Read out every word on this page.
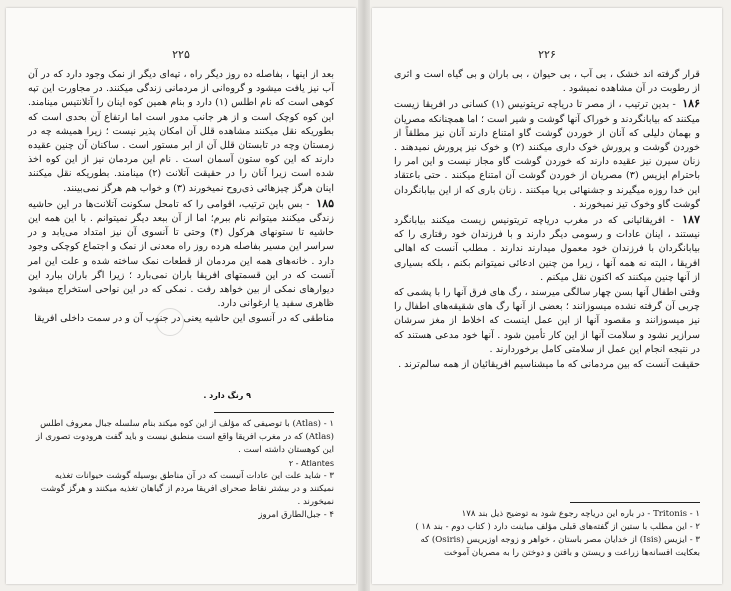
۲۲۵

بعد از اینها ، بفاصله ده روز دیگر راه ، تپه‌ای دیگر از نمک وجود دارد که در آن آب نیز یافت میشود و گروه‌انی از مردمانی زندگی میکنند. در مجاورت این تپه کوهی است که نام اطلس (۱) دارد و بنام همین کوه اینان را آتلانتیس مینامند. این کوه کوچک است و از هر جانب مدور است اما ارتفاع آن بحدی است که بطوریکه نقل میکنند مشاهده قلل آن امکان پذیر نیست ؛ زیرا همیشه چه در زمستان وچه در تابستان قلل آن از ابر مستور است . ساکنان آن چنین عقیده دارند که این کوه ستون آسمان است . نام این مردمان نیز از این کوه اخذ شده است زیرا آنان را در حقیقت آتلانت (۲) مینامند. بطوریکه نقل میکنند اینان هرگز چیزهائی ذی‌روح نمیخورند (۳) و خواب هم هرگز نمی‌بینند.

۱۸۵ - بس باین ترتیب، اقوامی را که تامحل سکونت آتلانت‌ها در این حاشیه زندگی میکنند میتوانم نام ببرم؛ اما از آن ببعد دیگر نمیتوانم . با این همه این حاشیه تا ستونهای هرکول (۴) وحتی تا آنسوی آن نیز امتداد می‌یابد و در سراسر این مسیر بفاصله هرده روز راه معدنی از نمک و اجتماع کوچکی وجود دارد . خانه‌های همه این مردمان از قطعات نمک ساخته شده و علت این امر آنست که در این قسمتهای افریقا باران نمی‌بارد ؛ زیرا اگر باران ببارد این دیوارهای نمکی از بین خواهد رفت . نمکی که در این نواحی استخراج میشود ظاهری سفید یا ارغوانی دارد.

مناطقی که در آنسوی این حاشیه یعنی در جنوب آن و در سمت داخلی افریقا

۹ رنگ دارد .

۱ - (Atlas) با توصیفی که مؤلف از این کوه میکند بنام سلسله جبال معروف اطلس (Atlas) که در مغرب افریقا واقع است منطبق نیست و باید گفت هرودوت تصوری از این کوهستان داشته است .

۲ - Atlantes

۳ - شاید علت این عادات آنیست که در آن مناطق بوسیله گوشت حیوانات تغذیه نمیکنند و در بیشتر نقاط صحرای افریقا مردم از گیاهان تغذیه میکنند و هرگز گوشت نمیخورند .

۴ - جبل‌الطارق امروز

۲۲۶

قرار گرفته اند خشک ، بی آب ، بی حیوان ، بی باران و بی گیاه است و اثری از رطوبت در آن مشاهده نمیشود .

۱۸۶ - بدین ترتیب ، از مصر تا دریاچه تریتونیس (۱) کسانی در افریقا زیست میکنند که بیابانگردند و خوراک آنها گوشت و شیر است ؛ اما همچنانکه مصریان و بهمان دلیلی که آنان از خوردن گوشت گاو امتناع دارند آنان نیز مطلقاً از خوردن گوشت و پرورش خوک داری میکنند (۲) و خوک نیز پرورش نمیدهند . زنان سیرن نیز عقیده دارند که خوردن گوشت گاو مجاز نیست و این امر را باحترام ایزیس (۳) مصریان از خوردن گوشت آن امتناع میکنند . حتی باعتقاد این خدا روزه میگیرند و جشنهائی برپا میکنند . زنان باری که از این بیابانگردان گوشت گاو وخوک تیز نمیخورند .

۱۸۷ - افریقائیانی که در مغرب دریاچه تریتونیس زیست میکنند بیابانگرد نیستند ، اینان عادات و رسومی دیگر دارند و با فرزندان خود رفتاری را که بیابانگردان با فرزندان خود معمول میدارند ندارند . مطلب آنست که اهالی افریقا ، البته نه همه آنها ، زیرا من چنین ادعائی نمیتوانم بکنم ، بلکه بسیاری از آنها چنین میکنند که اکنون نقل میکنم .

وقتی اطفال آنها بسن چهار سالگی میرسند ، رگ های فرق آنها را با پشمی که چربی آن گرفته نشده میسوزانند ؛ بعضی از آنها رگ های شقیقه‌های اطفال را نیز میسوزانند و مقصود آنها از این عمل اینست که اخلاط از مغز سرشان سرازیر نشود و سلامت آنها از این کار تأمین شود . آنها خود مدعی هستند که در نتیجه انجام این عمل از سلامتی کامل برخوردارند .

حقیقت آنست که بین مردمانی که ما میشناسیم افریقائیان از همه سالم‌ترند .

۱ - Tritonis - در باره این دریاچه رجوع شود به توضیح ذیل بند ۱۷۸

۲ - این مطلب با ستین از گفته‌های قبلی مؤلف مباینت دارد ( کتاب دوم - بند ۱۸ )

۳ - ایزیس (Isis) از خدایان مصر باستان ، خواهر و زوجه اوزیریس (Osiris) که بعکایت افسانه‌ها زراعت و ریستن و بافتن و دوختن را به مصریان آموخت
